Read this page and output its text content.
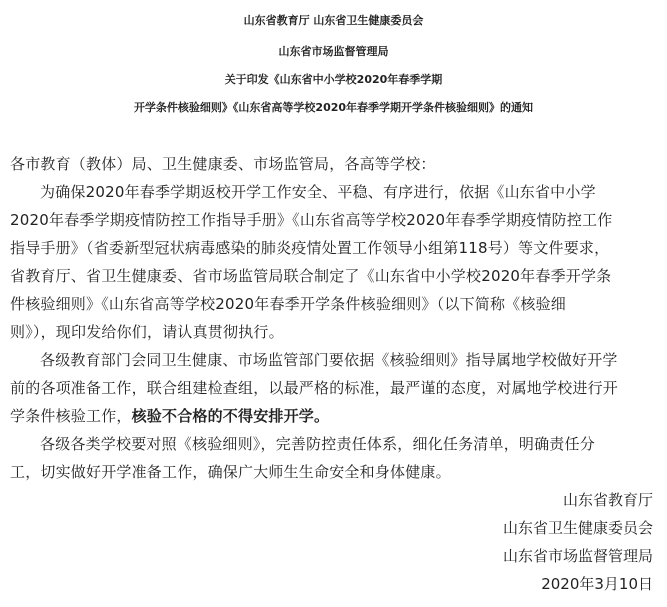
山东省教育厅 山东省卫生健康委员会
山东省市场监督管理局
关于印发《山东省中小学校2020年春季学期
开学条件核验细则》《山东省高等学校2020年春季学期开学条件核验细则》的通知
各市教育（教体）局、卫生健康委、市场监管局，各高等学校：
为确保2020年春季学期返校开学工作安全、平稳、有序进行，依据《山东省中小学
2020年春季学期疫情防控工作指导手册》《山东省高等学校2020年春季学期疫情防控工作
指导手册》（省委新型冠状病毒感染的肺炎疫情处置工作领导小组第118号）等文件要求，
省教育厅、省卫生健康委、省市场监管局联合制定了《山东省中小学校2020年春季开学条
件核验细则》《山东省高等学校2020年春季开学条件核验细则》（以下简称《核验细
则》），现印发给你们，请认真贯彻执行。
各级教育部门会同卫生健康、市场监管部门要依据《核验细则》指导属地学校做好开学
前的各项准备工作，联合组建检查组，以最严格的标准，最严谨的态度，对属地学校进行开
学条件核验工作，核验不合格的不得安排开学。
各级各类学校要对照《核验细则》，完善防控责任体系，细化任务清单，明确责任分
工，切实做好开学准备工作，确保广大师生生命安全和身体健康。
山东省教育厅
山东省卫生健康委员会
山东省市场监督管理局
2020年3月10日
